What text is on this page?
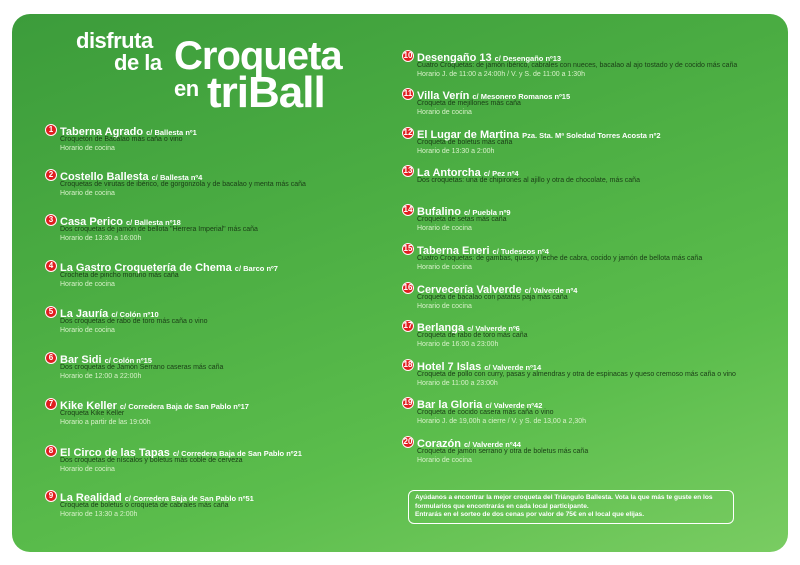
disfruta
de la Croqueta
en triBall
1 Taberna Agrado c/ Ballesta nº1
Croquetón de Bacalao más caña o vino
Horario de cocina
2 Costello Ballesta c/ Ballesta nº4
Croquetas de virutas de ibérico, de gorgonzola y de bacalao y menta más caña
Horario de cocina
3 Casa Perico c/ Ballesta nº18
Dos croquetas de jamón de bellota "Herrera Imperial" más caña
Horario de 13:30 a 16:00h
4 La Gastro Croquetería de Chema c/ Barco nº7
Crocheta de pincho moruno más caña
Horario de cocina
5 La Jauría c/ Colón nº10
Dos croquetas de rabo de toro más caña o vino
Horario de cocina
6 Bar Sidi c/ Colón nº15
Dos croquetas de Jamón Serrano caseras más caña
Horario de 12:00 a 22:00h
7 Kike Keller c/ Corredera Baja de San Pablo nº17
Croqueta Kike Keller
Horario a partir de las 19:00h
8 El Circo de las Tapas c/ Corredera Baja de San Pablo nº21
Dos croquetas de níscalos y boletus más coble de cerveza
Horario de cocina
9 La Realidad c/ Corredera Baja de San Pablo nº51
Croqueta de boletus o croqueta de cabrales más caña
Horario de 13:30 a 2:00h
10 Desengaño 13 c/ Desengaño nº13
Cuatro Croquetas: de jamón ibérico, cabrales con nueces, bacalao al ajo tostado y de cocido más caña
Horario J. de 11:00 a 24:00h / V. y S. de 11:00 a 1:30h
11 Villa Verín c/ Mesonero Romanos nº15
Croqueta de mejillones más caña
Horario de cocina
12 El Lugar de Martina Pza. Sta. Mª Soledad Torres Acosta nº2
Croqueta de boletus más caña
Horario de 13:30 a 2:00h
13 La Antorcha c/ Pez nº4
Dos croquetas: una de chipirones al ajillo y otra de chocolate, más caña
14 Bufalino c/ Puebla nº9
Croqueta de setas más caña
Horario de cocina
15 Taberna Eneri c/ Tudescos nº4
Cuatro Croquetas: de gambas, queso y leche de cabra, cocido y jamón de bellota más caña
Horario de cocina
16 Cervecería Valverde c/ Valverde nº4
Croqueta de bacalao con patatas paja más caña
Horario de cocina
17 Berlanga c/ Valverde nº6
Croqueta de rabo de toro más caña
Horario de 16:00 a 23:00h
18 Hotel 7 Islas c/ Valverde nº14
Croqueta de pollo con curry, pasas y almendras y otra de espinacas y queso cremoso más caña o vino
Horario de 11:00 a 23:00h
19 Bar la Gloria c/ Valverde nº42
Croqueta de cocido casera más caña o vino
Horario J. de 19,00h a cierre / V. y S. de 13,00 a 2,30h
20 Corazón c/ Valverde nº44
Croqueta de jamón serrano y otra de boletus más caña
Horario de cocina
Ayúdanos a encontrar la mejor croqueta del Triángulo Ballesta. Vota la que más te guste en los
formularios que encontrarás en cada local participante.
Entrarás en el sorteo de dos cenas por valor de 75€ en el local que elijas.
